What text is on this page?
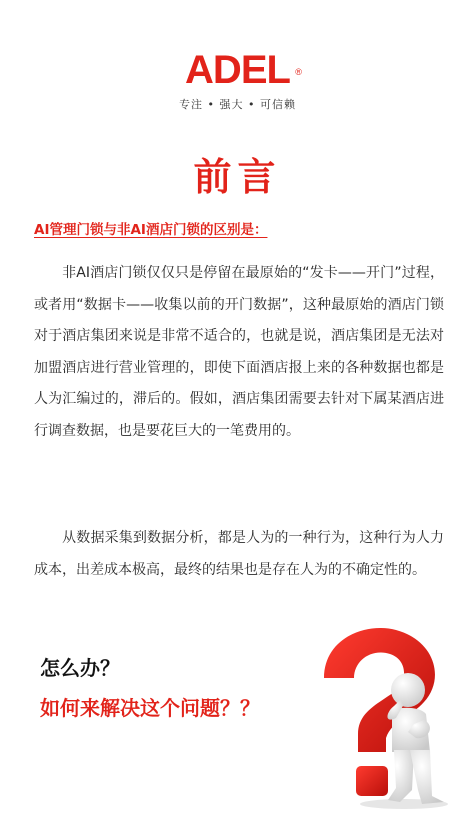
ADEL ®
专注 • 强大 • 可信赖
前言
AI管理门锁与非AI酒店门锁的区别是：
非AI酒店门锁仅仅只是停留在最原始的“发卡——开门”过程，或者用“数据卡——收集以前的开门数据”，这种最原始的酒店门锁对于酒店集团来说是非常不适合的，也就是说，酒店集团是无法对加盟酒店进行营业管理的，即使下面酒店报上来的各种数据也都是人为汇编过的，滞后的。假如，酒店集团需要去针对下属某酒店进行调查数据，也是要花巨大的一笔费用的。
从数据采集到数据分析，都是人为的一种行为，这种行为人力成本，出差成本极高，最终的结果也是存在人为的不确定性的。
怎么办？
如何来解决这个问题？？
